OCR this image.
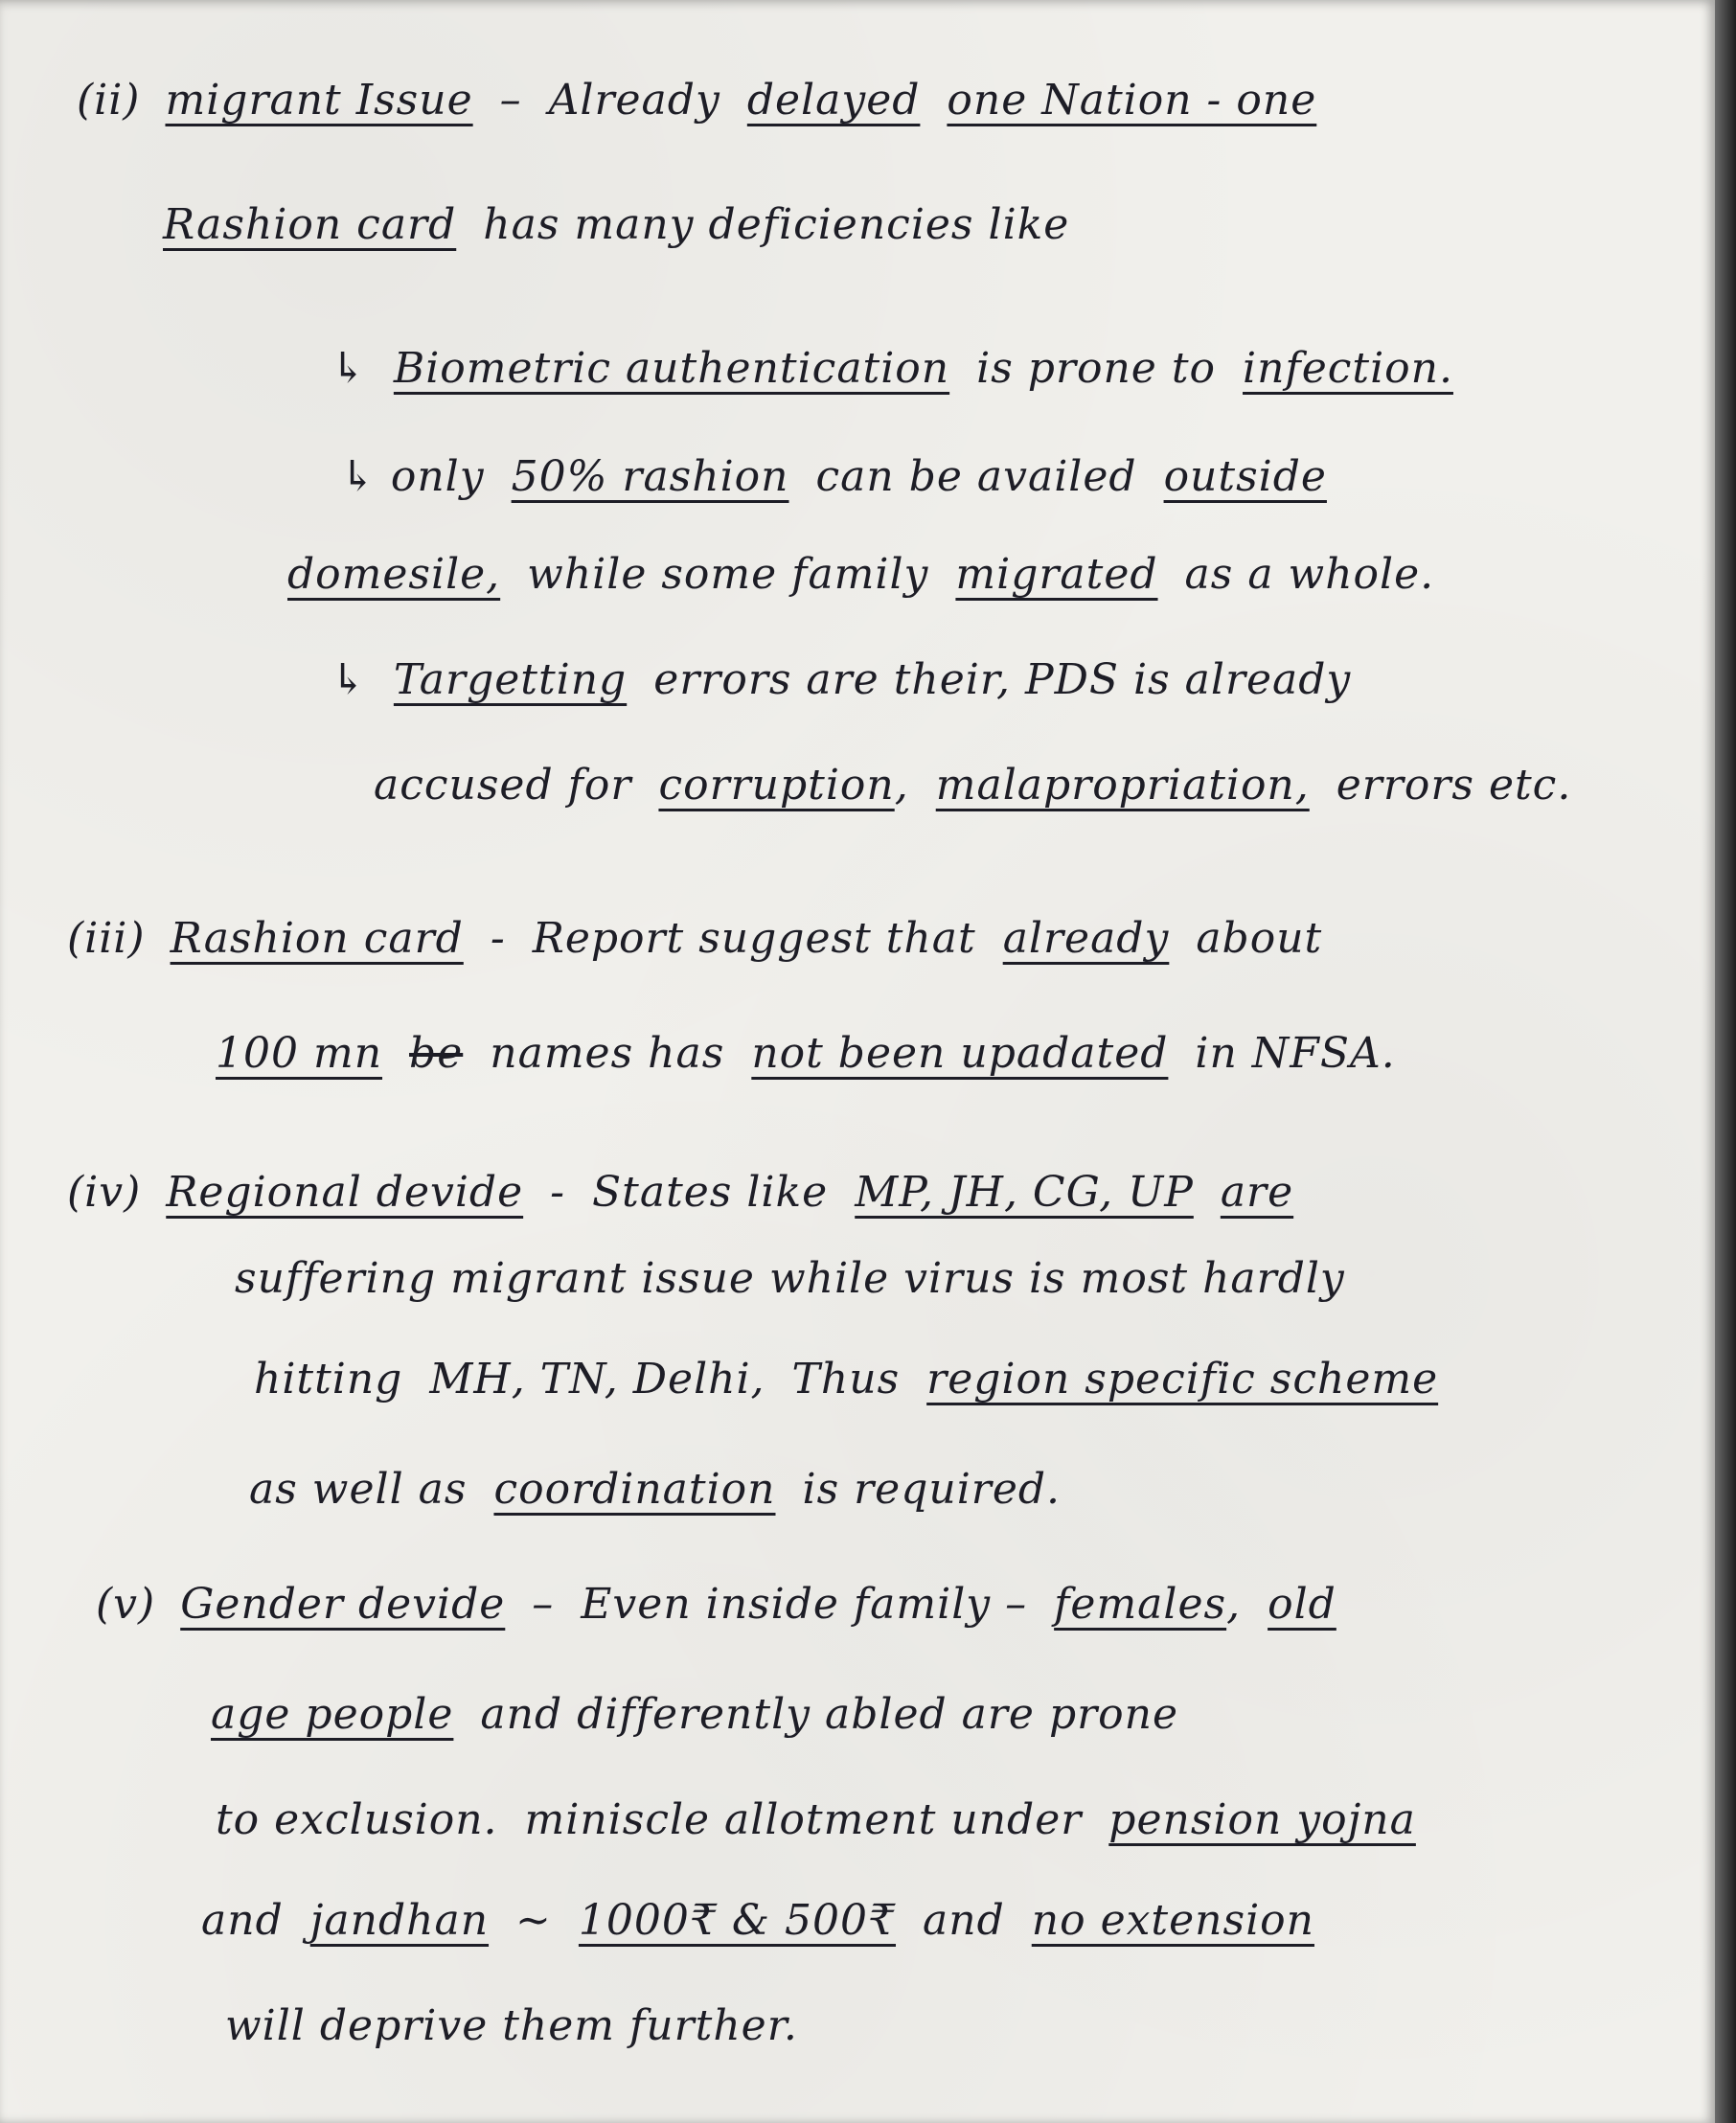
(ii) migrant Issue – Already delayed one Nation - one
Rashion card has many deficiencies like
↳ Biometric authentication is prone to infection.
↳ only 50% rashion can be availed outside
domesile, while some family migrated as a whole.
↳ Targetting errors are their, PDS is already
accused for corruption, malapropriation, errors etc.
(iii) Rashion card - Report suggest that already about
100 mn be names has not been upadated in NFSA.
(iv) Regional devide - States like MP, JH, CG, UP are
suffering migrant issue while virus is most hardly
hitting MH, TN, Delhi, Thus region specific scheme
as well as coordination is required.
(v) Gender devide – Even inside family – females, old
age people and differently abled are prone
to exclusion. miniscle allotment under pension yojna
and jandhan ~ 1000₹ & 500₹ and no extension
will deprive them further.
